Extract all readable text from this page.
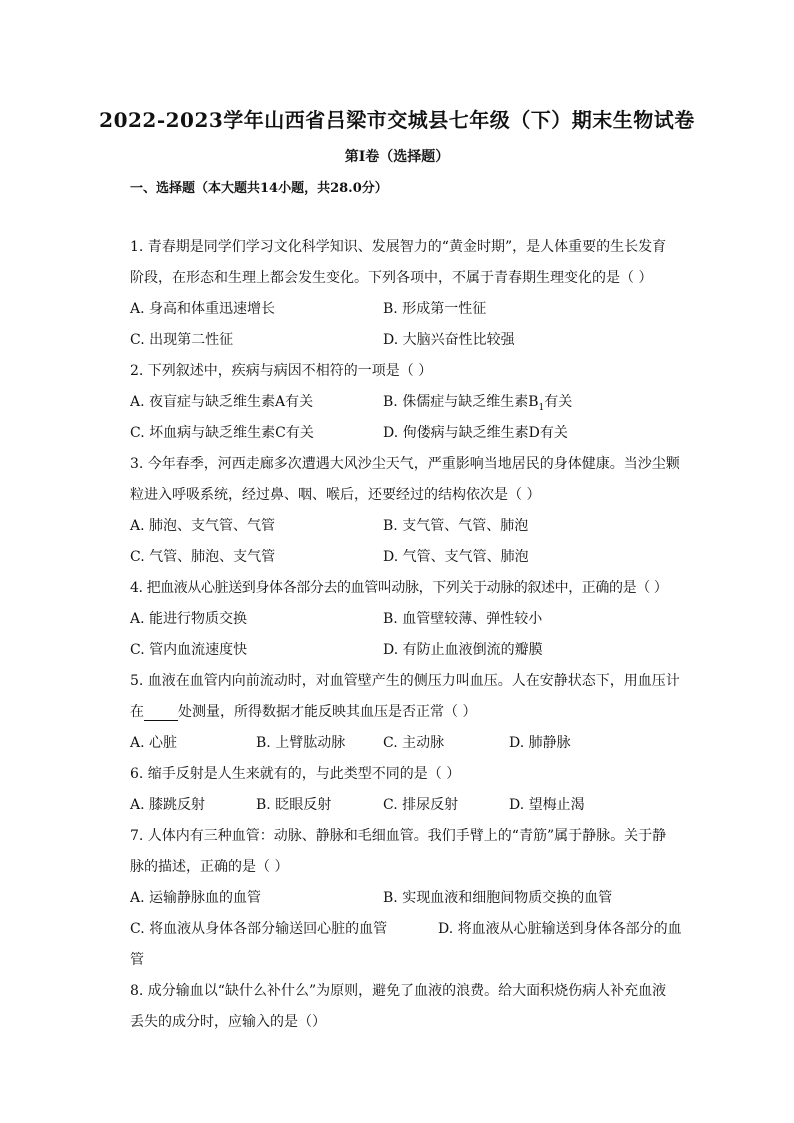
2022-2023学年山西省吕梁市交城县七年级（下）期末生物试卷
第Ⅰ卷（选择题）
一、选择题（本大题共14小题，共28.0分）
1. 青春期是同学们学习文化科学知识、发展智力的“黄金时期”，是人体重要的生长发育
阶段，在形态和生理上都会发生变化。下列各项中，不属于青春期生理变化的是（ ）
A. 身高和体重迅速增长	B. 形成第一性征
C. 出现第二性征	D. 大脑兴奋性比较强
2. 下列叙述中，疾病与病因不相符的一项是（ ）
A. 夜盲症与缺乏维生素A有关	B. 侏儒症与缺乏维生素$B_1$有关
C. 坏血病与缺乏维生素C有关	D. 佝偻病与缺乏维生素D有关
3. 今年春季，河西走廊多次遭遇大风沙尘天气，严重影响当地居民的身体健康。当沙尘颗
粒进入呼吸系统，经过鼻、咽、喉后，还要经过的结构依次是（ ）
A. 肺泡、支气管、气管	B. 支气管、气管、肺泡
C. 气管、肺泡、支气管	D. 气管、支气管、肺泡
4. 把血液从心脏送到身体各部分去的血管叫动脉，下列关于动脉的叙述中，正确的是（ ）
A. 能进行物质交换	B. 血管壁较薄、弹性较小
C. 管内血流速度快	D. 有防止血液倒流的瓣膜
5. 血液在血管内向前流动时，对血管壁产生的侧压力叫血压。人在安静状态下，用血压计
在 处测量，所得数据才能反映其血压是否正常（ ）
A. 心脏	B. 上臂肱动脉	C. 主动脉	D. 肺静脉
6. 缩手反射是人生来就有的，与此类型不同的是（ ）
A. 膝跳反射	B. 眨眼反射	C. 排尿反射	D. 望梅止渴
7. 人体内有三种血管：动脉、静脉和毛细血管。我们手臂上的“青筋”属于静脉。关于静
脉的描述，正确的是（ ）
A. 运输静脉血的血管	B. 实现血液和细胞间物质交换的血管
C. 将血液从身体各部分输送回心脏的血管	D. 将血液从心脏输送到身体各部分的血
管
8. 成分输血以“缺什么补什么”为原则，避免了血液的浪费。给大面积烧伤病人补充血液
丢失的成分时，应输入的是（）
